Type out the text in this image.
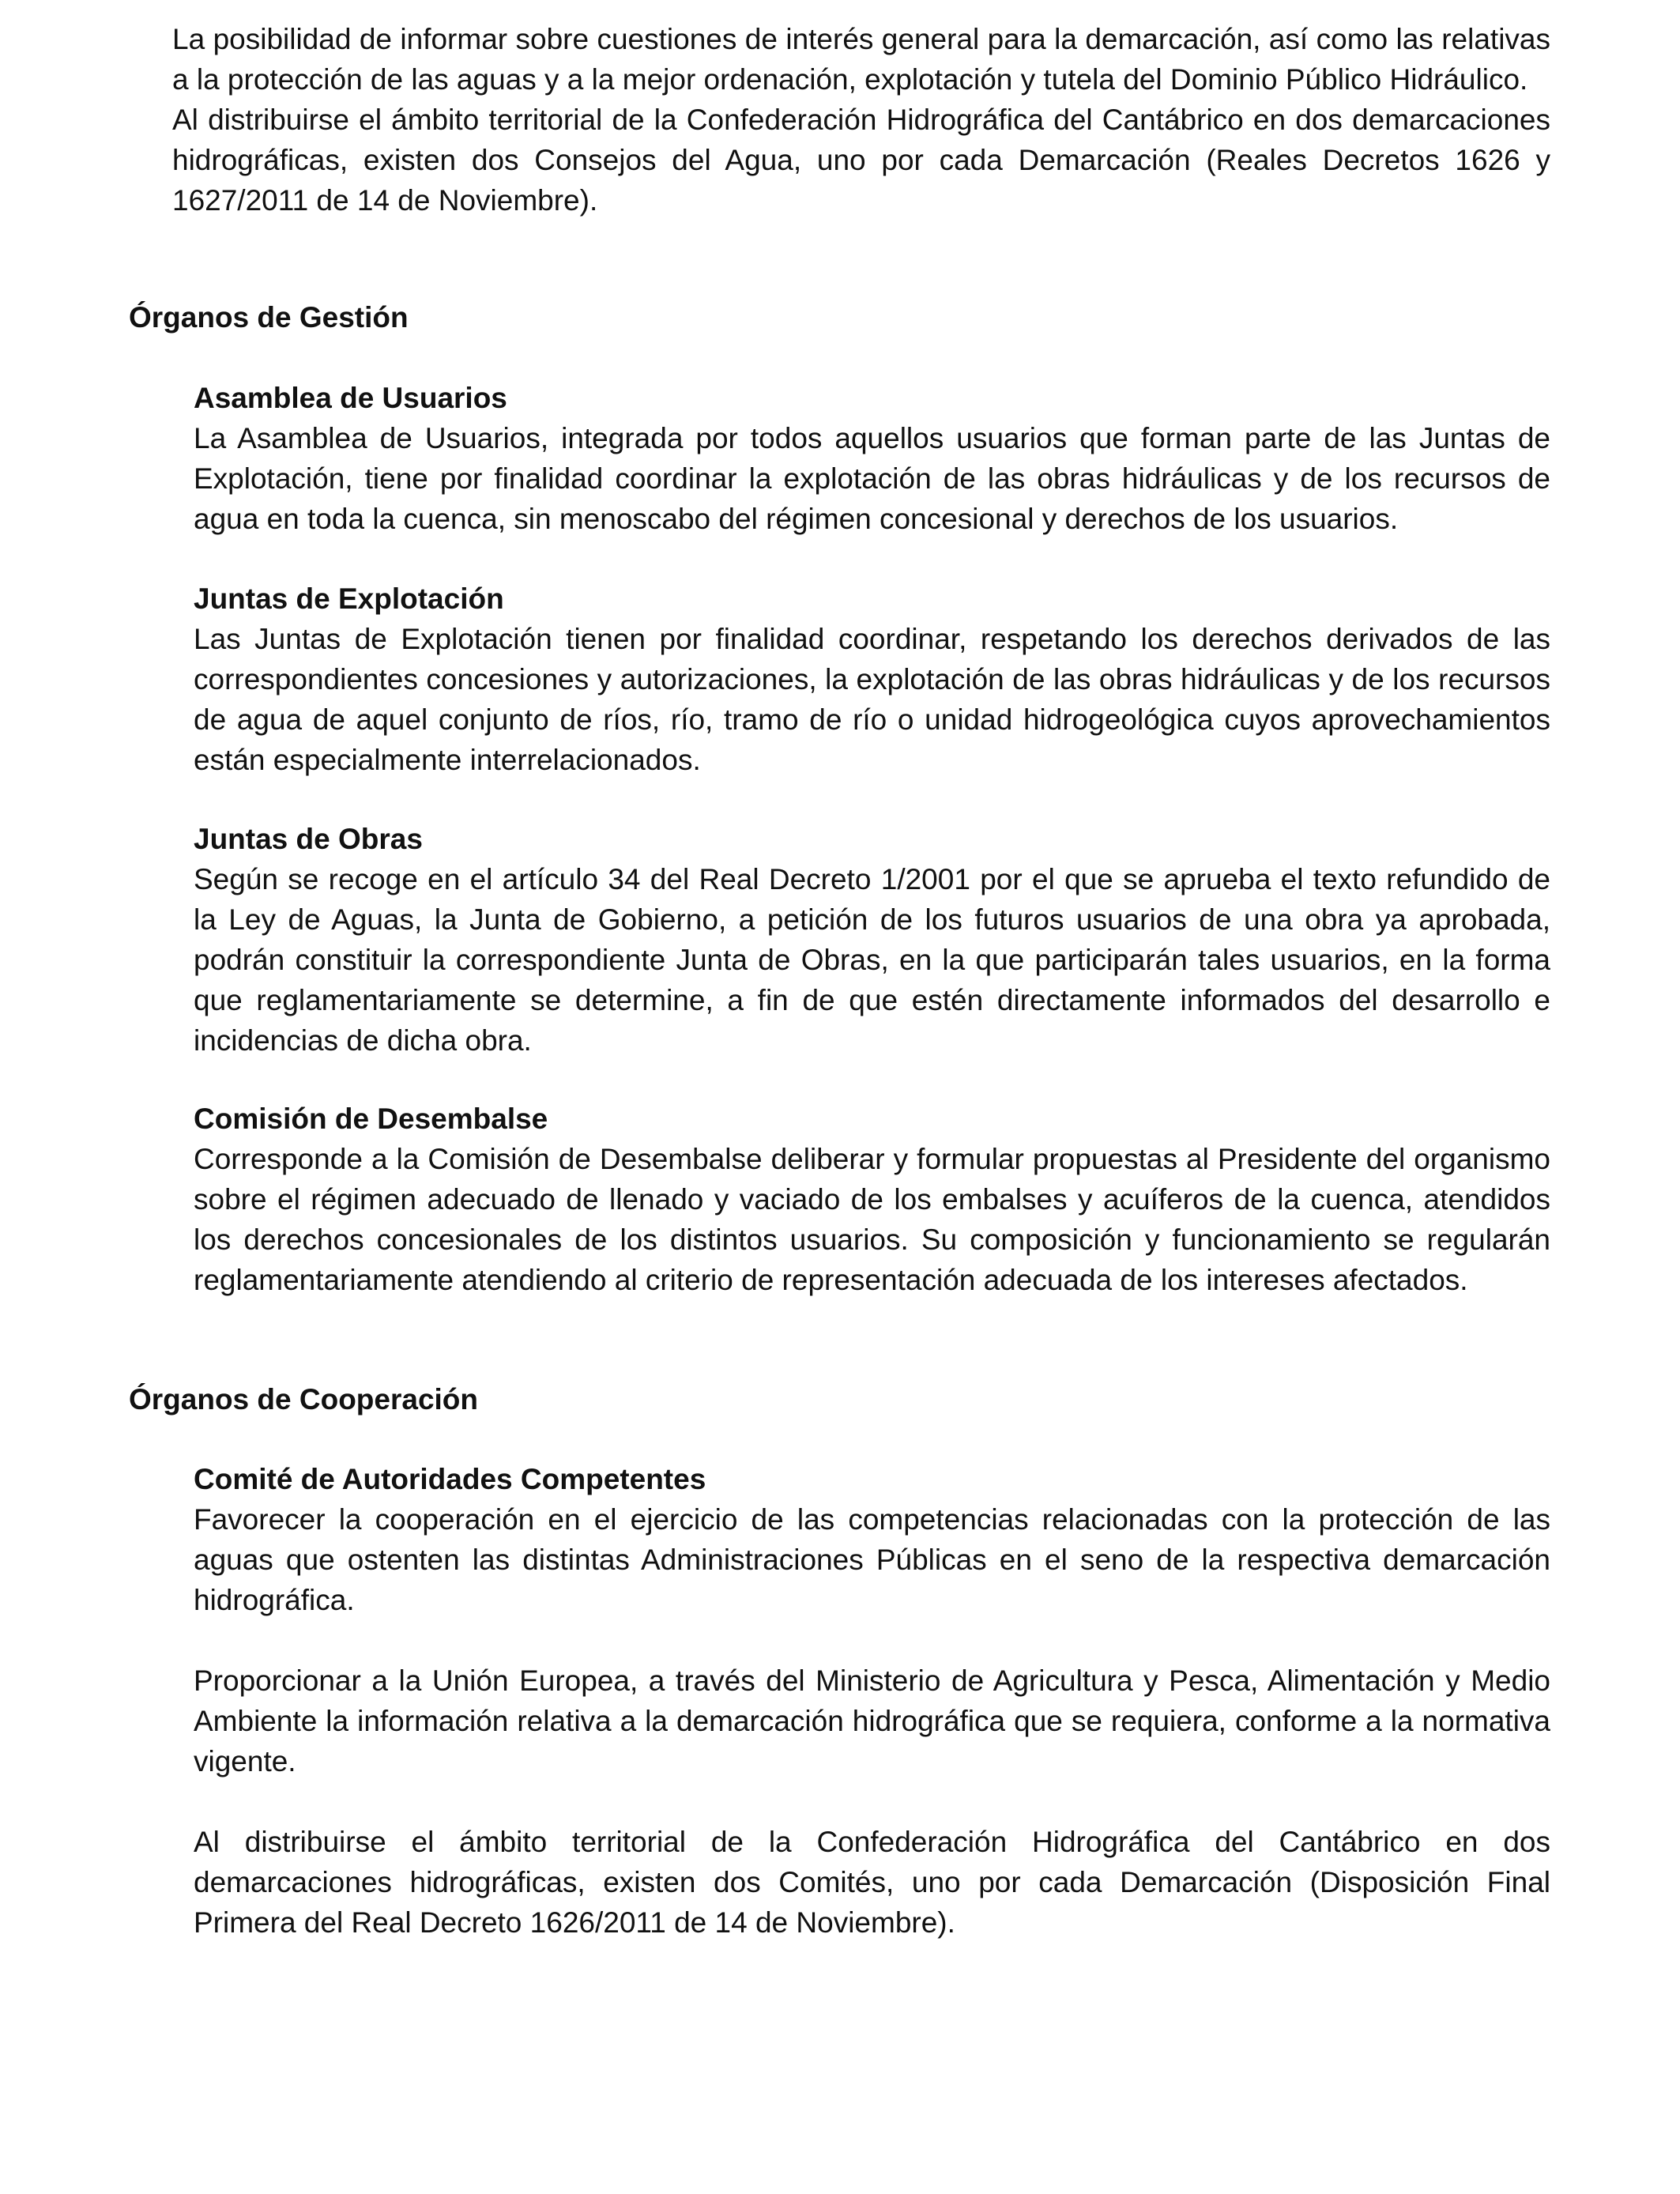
La posibilidad de informar sobre cuestiones de interés general para la demarcación, así como las relativas a la protección de las aguas y a la mejor ordenación, explotación y tutela del Dominio Público Hidráulico.

Al distribuirse el ámbito territorial de la Confederación Hidrográfica del Cantábrico en dos demarcaciones hidrográficas, existen dos Consejos del Agua, uno por cada Demarcación (Reales Decretos 1626 y 1627/2011 de 14 de Noviembre).

Órganos de Gestión
Asamblea de Usuarios

La Asamblea de Usuarios, integrada por todos aquellos usuarios que forman parte de las Juntas de Explotación, tiene por finalidad coordinar la explotación de las obras hidráulicas y de los recursos de agua en toda la cuenca, sin menoscabo del régimen concesional y derechos de los usuarios.

Juntas de Explotación

Las Juntas de Explotación tienen por finalidad coordinar, respetando los derechos derivados de las correspondientes concesiones y autorizaciones, la explotación de las obras hidráulicas y de los recursos de agua de aquel conjunto de ríos, río, tramo de río o unidad hidrogeológica cuyos aprovechamientos están especialmente interrelacionados.

Juntas de Obras

Según se recoge en el artículo 34 del Real Decreto 1/2001 por el que se aprueba el texto refundido de la Ley de Aguas, la Junta de Gobierno, a petición de los futuros usuarios de una obra ya aprobada, podrán constituir la correspondiente Junta de Obras, en la que participarán tales usuarios, en la forma que reglamentariamente se determine, a fin de que estén directamente informados del desarrollo e incidencias de dicha obra.

Comisión de Desembalse

Corresponde a la Comisión de Desembalse deliberar y formular propuestas al Presidente del organismo sobre el régimen adecuado de llenado y vaciado de los embalses y acuíferos de la cuenca, atendidos los derechos concesionales de los distintos usuarios. Su composición y funcionamiento se regularán reglamentariamente atendiendo al criterio de representación adecuada de los intereses afectados.

Órganos de Cooperación
Comité de Autoridades Competentes

Favorecer la cooperación en el ejercicio de las competencias relacionadas con la protección de las aguas que ostenten las distintas Administraciones Públicas en el seno de la respectiva demarcación hidrográfica.

Proporcionar a la Unión Europea, a través del Ministerio de Agricultura y Pesca, Alimentación y Medio Ambiente la información relativa a la demarcación hidrográfica que se requiera, conforme a la normativa vigente.

Al distribuirse el ámbito territorial de la Confederación Hidrográfica del Cantábrico en dos demarcaciones hidrográficas, existen dos Comités, uno por cada Demarcación (Disposición Final Primera del Real Decreto 1626/2011 de 14 de Noviembre).
